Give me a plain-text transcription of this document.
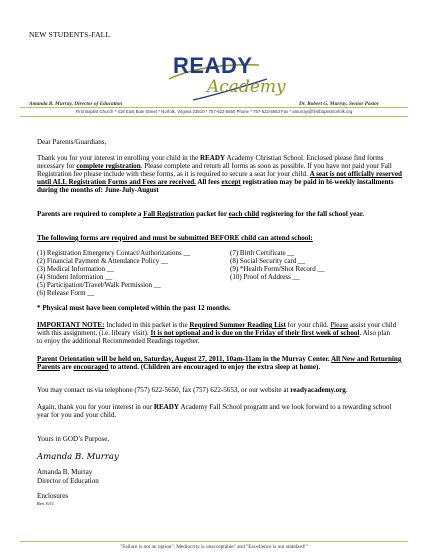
NEW STUDENTS-FALL
READY
Academy
Amanda B. Murray, Director of Education	Dr. Robert G. Murray, Senior Pastor
First Baptist Church * 418 East Bute Street * Norfolk, Virginia 23510 * 757-622-5650 Phone * 757-622-5653 Fax * amurray@firstbaptistnorfolk.org
Dear Parents/Guardians,

Thank you for your interest in enrolling your child in the READY Academy Christian School. Enclosed please find forms necessary for complete registration. Please complete and return all forms as soon as possible. If you have not paid your Fall Registration fee please include with these forms, as it is required to secure a seat for your child. A seat is not officially reserved until ALL Registration Forms and Fees are received. All fees except registration may be paid in bi-weekly installments during the months of: June-July-August

Parents are required to complete a Fall Registration packet for each child registering for the fall school year.

The following forms are required and must be submitted BEFORE child can attend school:
(1) Registration Emergency Contact/Authorizations __
(2) Financial Payment & Attendance Policy __
(3) Medical Information __
(4) Student Information __
(5) Participation/Travel/Walk Permission __
(6) Release Form __
(7) Birth Certificate __
(8) Social Security card __
(9) *Health Form/Shot Record __
(10) Proof of Address __
* Physical must have been completed within the past 12 months.

IMPORTANT NOTE: Included in this packet is the Required Summer Reading List for your child. Please assist your child with this assignment, (i.e. library visit). It is not optional and is due on the Friday of their first week of school. Also plan to enjoy the additional Recommended Readings together.

Parent Orientation will be held on, Saturday, August 27, 2011, 10am-11am in the Murray Center. All New and Returning Parents are encouraged to attend. (Children are encouraged to enjoy the extra sleep at home).

You may contact us via telephone (757) 622-5650, fax (757) 622-5653, or our website at readyacademy.org.

Again, thank you for your interest in our READY Academy Fall School program and we look forward to a rewarding school year for you and your child.

Yours in GOD’s Purpose,
Amanda B. Murray
Amanda B. Murray
Director of Education
Enclosures
Rev. 6/11
"Failure is not an option", Mediocrity is unacceptable" and "Excellence is our standard!"
